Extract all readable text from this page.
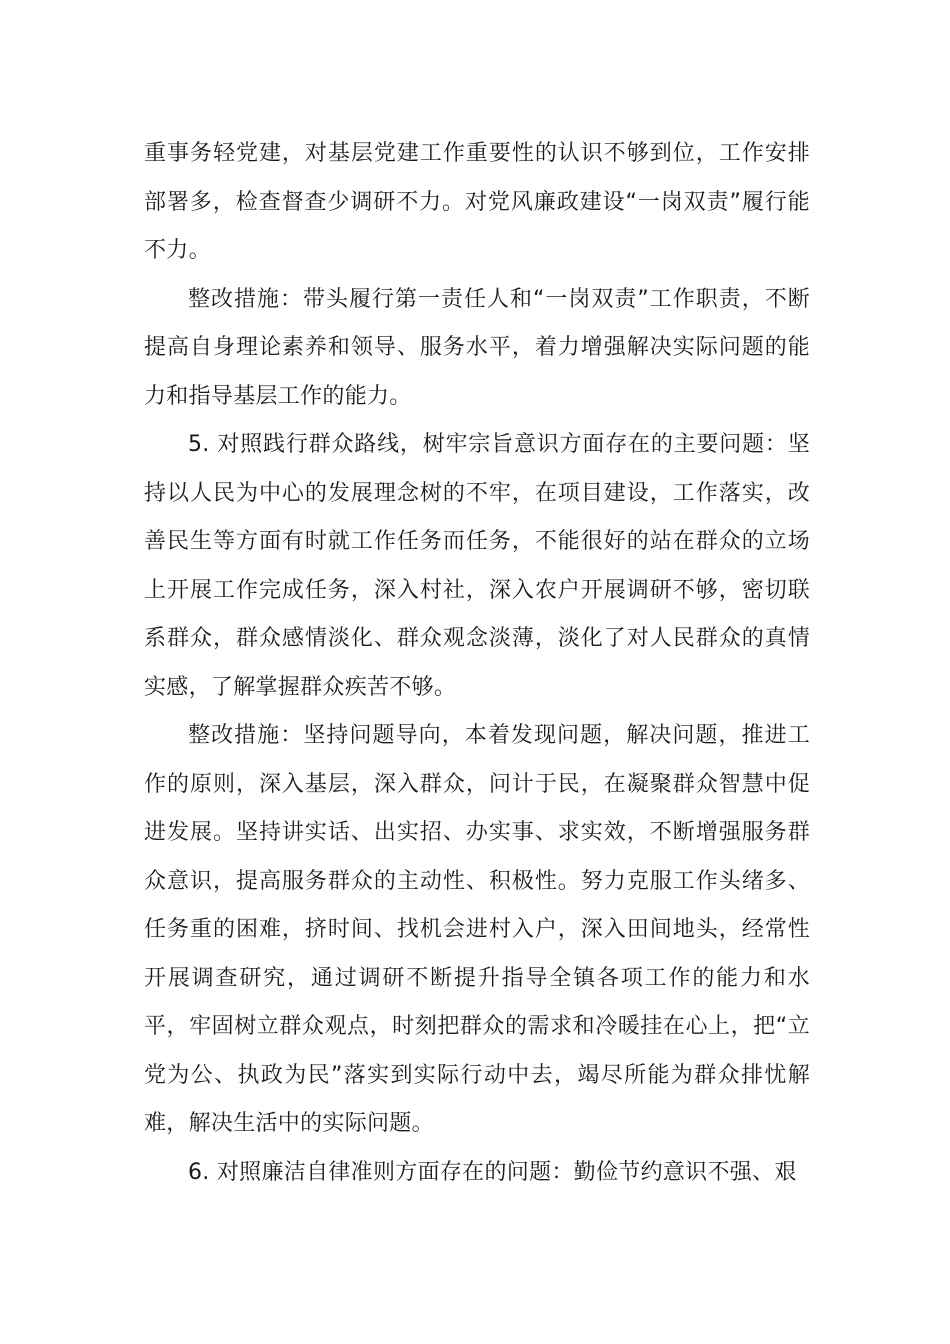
重事务轻党建，对基层党建工作重要性的认识不够到位，工作安排部署多，检查督查少调研不力。对党风廉政建设“一岗双责”履行能不力。

整改措施：带头履行第一责任人和“一岗双责”工作职责，不断提高自身理论素养和领导、服务水平，着力增强解决实际问题的能力和指导基层工作的能力。

5. 对照践行群众路线，树牢宗旨意识方面存在的主要问题：坚持以人民为中心的发展理念树的不牢，在项目建设，工作落实，改善民生等方面有时就工作任务而任务，不能很好的站在群众的立场上开展工作完成任务，深入村社，深入农户开展调研不够，密切联系群众，群众感情淡化、群众观念淡薄，淡化了对人民群众的真情实感，了解掌握群众疾苦不够。

整改措施：坚持问题导向，本着发现问题，解决问题，推进工作的原则，深入基层，深入群众，问计于民，在凝聚群众智慧中促进发展。坚持讲实话、出实招、办实事、求实效，不断增强服务群众意识，提高服务群众的主动性、积极性。努力克服工作头绪多、任务重的困难，挤时间、找机会进村入户，深入田间地头，经常性开展调查研究，通过调研不断提升指导全镇各项工作的能力和水平，牢固树立群众观点，时刻把群众的需求和冷暖挂在心上，把“立党为公、执政为民”落实到实际行动中去，竭尽所能为群众排忧解难，解决生活中的实际问题。

6. 对照廉洁自律准则方面存在的问题：勤俭节约意识不强、艰
